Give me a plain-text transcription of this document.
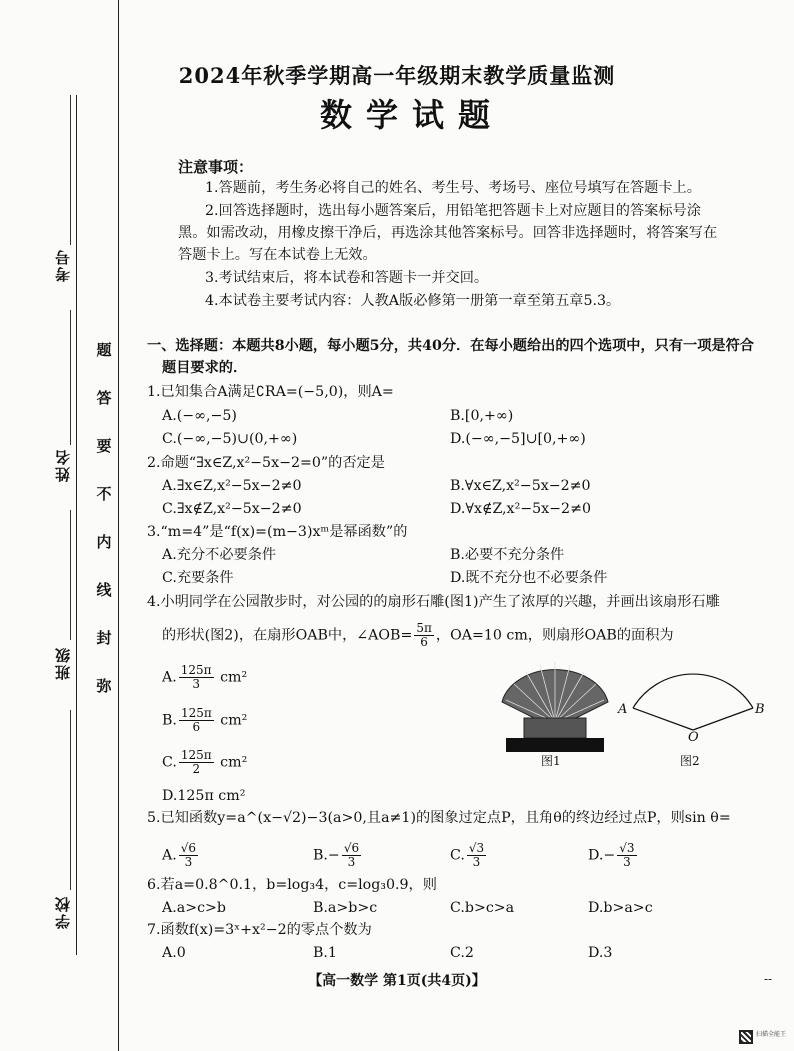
考号
姓名
班级
学校
题
答
要
不
内
线
封
弥
2024年秋季学期高一年级期末教学质量监测
数学试题
注意事项：
1.答题前，考生务必将自己的姓名、考生号、考场号、座位号填写在答题卡上。
2.回答选择题时，选出每小题答案后，用铅笔把答题卡上对应题目的答案标号涂
黑。如需改动，用橡皮擦干净后，再选涂其他答案标号。回答非选择题时，将答案写在
答题卡上。写在本试卷上无效。
3.考试结束后，将本试卷和答题卡一并交回。
4.本试卷主要考试内容：人教A版必修第一册第一章至第五章5.3。
一、选择题：本题共8小题，每小题5分，共40分．在每小题给出的四个选项中，只有一项是符合
题目要求的．
1.已知集合A满足∁RA=(−5,0)，则A=
A.(−∞,−5)	B.[0,+∞)
C.(−∞,−5)∪(0,+∞)	D.(−∞,−5]∪[0,+∞)
2.命题“∃x∈Z,x²−5x−2=0”的否定是
A.∃x∈Z,x²−5x−2≠0	B.∀x∈Z,x²−5x−2≠0
C.∃x∉Z,x²−5x−2≠0	D.∀x∉Z,x²−5x−2≠0
3.“m=4”是“f(x)=(m−3)xᵐ是幂函数”的
A.充分不必要条件	B.必要不充分条件
C.充要条件	D.既不充分也不必要条件
4.小明同学在公园散步时，对公园的的扇形石雕(图1)产生了浓厚的兴趣，并画出该扇形石雕
的形状(图2)，在扇形OAB中，∠AOB= $\frac{5\pi}{6}$ ，OA=10 cm，则扇形OAB的面积为
A. $\frac{125\pi}{3} cm^2$
B. $\frac{125\pi}{6} cm^2$
C. $\frac{125\pi}{2} cm^2$
D.125π cm²
图1
A	B
O
图2
5.已知函数y=a^(x−√2)−3(a>0,且a≠1)的图象过定点P，且角θ的终边经过点P，则sin θ=
A. $\frac{√6}{3}$	$B.- \frac{√6}{3}$	C. $\frac{√3}{3}$	$D.- \frac{√3}{3}$
6.若a=0.8^0.1，b=log₃4，c=log₃0.9，则
A.a>c>b	B.a>b>c	C.b>c>a	D.b>a>c
7.函数f(x)=3ˣ+x²−2的零点个数为
A.0	B.1	C.2	D.3
【高一数学 第1页(共4页)】	--
扫描全能王
